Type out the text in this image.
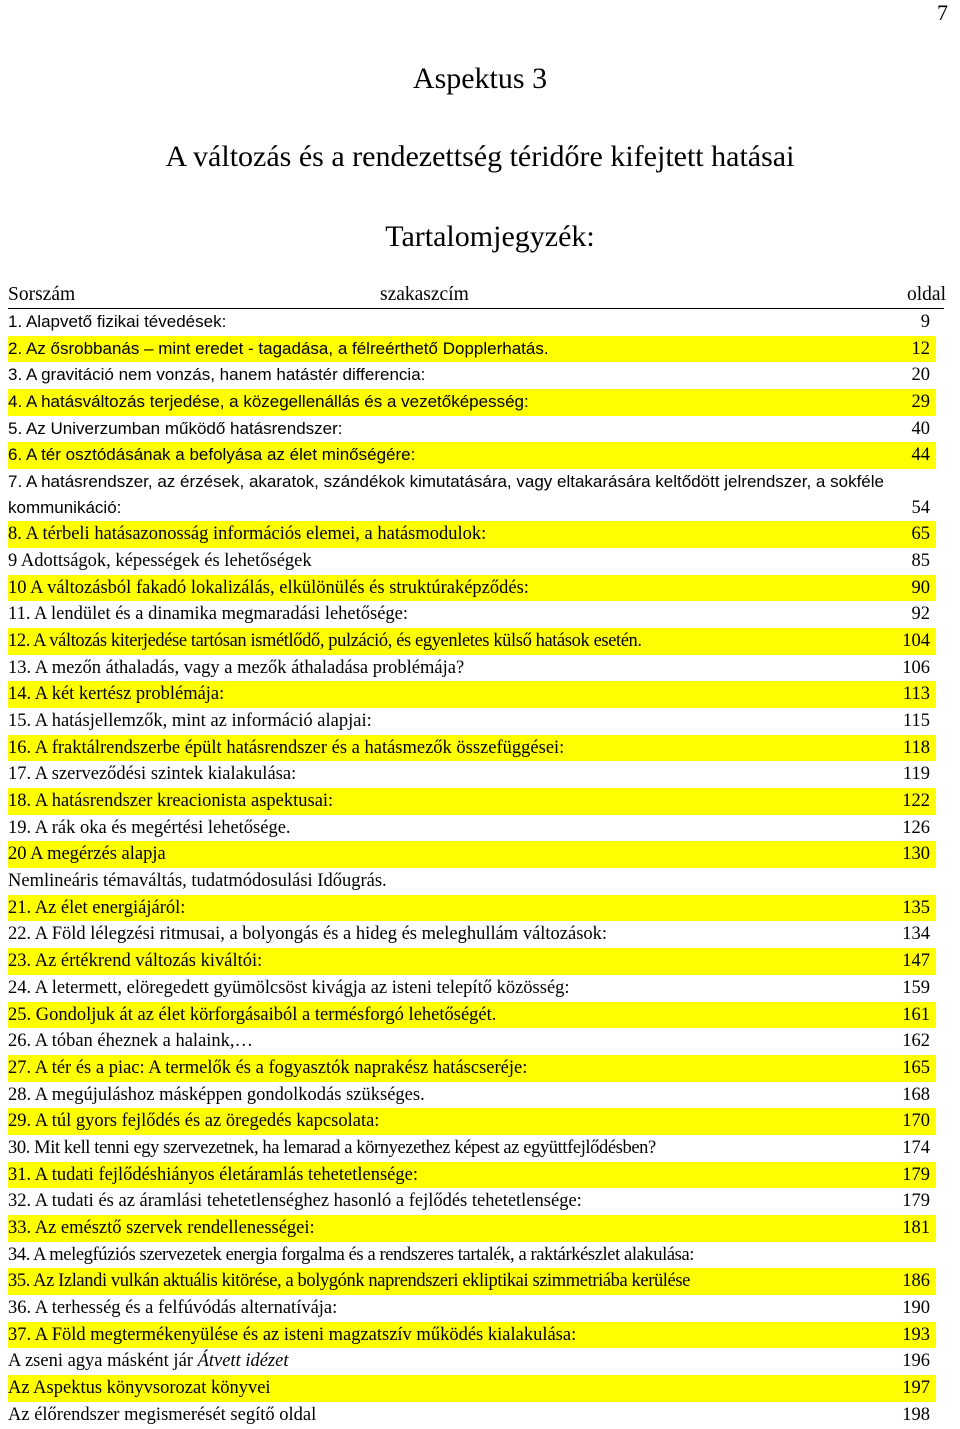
7
Aspektus 3
A változás és a rendezettség téridőre kifejtett hatásai
Tartalomjegyzék:
Sorszám	szakaszcím	oldal
1. Alapvető fizikai tévedések:	9
2. Az ősrobbanás – mint eredet - tagadása, a félreérthető Dopplerhatás.	12
3. A gravitáció nem vonzás, hanem hatástér differencia:	20
4. A hatásváltozás terjedése, a közegellenállás és a vezetőképesség:	29
5. Az Univerzumban működő hatásrendszer:	40
6. A tér osztódásának a befolyása az élet minőségére:	44
7. A hatásrendszer, az érzések, akaratok, szándékok kimutatására, vagy eltakarására keltődött jelrendszer, a sokféle kommunikáció:	54
8. A térbeli hatásazonosság információs elemei, a hatásmodulok:	65
9 Adottságok, képességek és lehetőségek	85
10 A változásból fakadó lokalizálás, elkülönülés és struktúraképződés:	90
11. A lendület és a dinamika megmaradási lehetősége:	92
12. A változás kiterjedése tartósan ismétlődő, pulzáció, és egyenletes külső hatások esetén.	104
13. A mezőn áthaladás, vagy a mezők áthaladása problémája?	106
14. A két kertész problémája:	113
15. A hatásjellemzők, mint az információ alapjai:	115
16. A fraktálrendszerbe épült hatásrendszer és a hatásmezők összefüggései:	118
17. A szerveződési szintek kialakulása:	119
18. A hatásrendszer kreacionista aspektusai:	122
19. A rák oka és megértési lehetősége.	126
20 A megérzés alapja	130
Nemlineáris témaváltás, tudatmódosulási Időugrás.
21. Az élet energiájáról:	135
22. A Föld lélegzési ritmusai, a bolyongás és a hideg és meleghullám változások:	134
23. Az értékrend változás kiváltói:	147
24. A letermett, elöregedett gyümölcsöst kivágja az isteni telepítő közösség:	159
25. Gondoljuk át az élet körforgásaiból a termésforgó lehetőségét.	161
26. A tóban éheznek a halaink,…	162
27. A tér és a piac: A termelők és a fogyasztók naprakész hatáscseréje:	165
28. A megújuláshoz másképpen gondolkodás szükséges.	168
29. A túl gyors fejlődés és az öregedés kapcsolata:	170
30. Mit kell tenni egy szervezetnek, ha lemarad a környezethez képest az együttfejlődésben?	174
31. A tudati fejlődéshiányos életáramlás tehetetlensége:	179
32. A tudati és az áramlási tehetetlenséghez hasonló a fejlődés tehetetlensége:	179
33. Az emésztő szervek rendellenességei:	181
34. A melegfúziós szervezetek energia forgalma és a rendszeres tartalék, a raktárkészlet alakulása:
35. Az Izlandi vulkán aktuális kitörése, a bolygónk naprendszeri ekliptikai szimmetriába kerülése	186
36. A terhesség és a felfúvódás alternatívája:	190
37. A Föld megtermékenyülése és az isteni magzatszív működés kialakulása:	193
A zseni agya másként jár Átvett idézet	196
Az Aspektus könyvsorozat könyvei	197
Az élőrendszer megismerését segítő oldal	198
